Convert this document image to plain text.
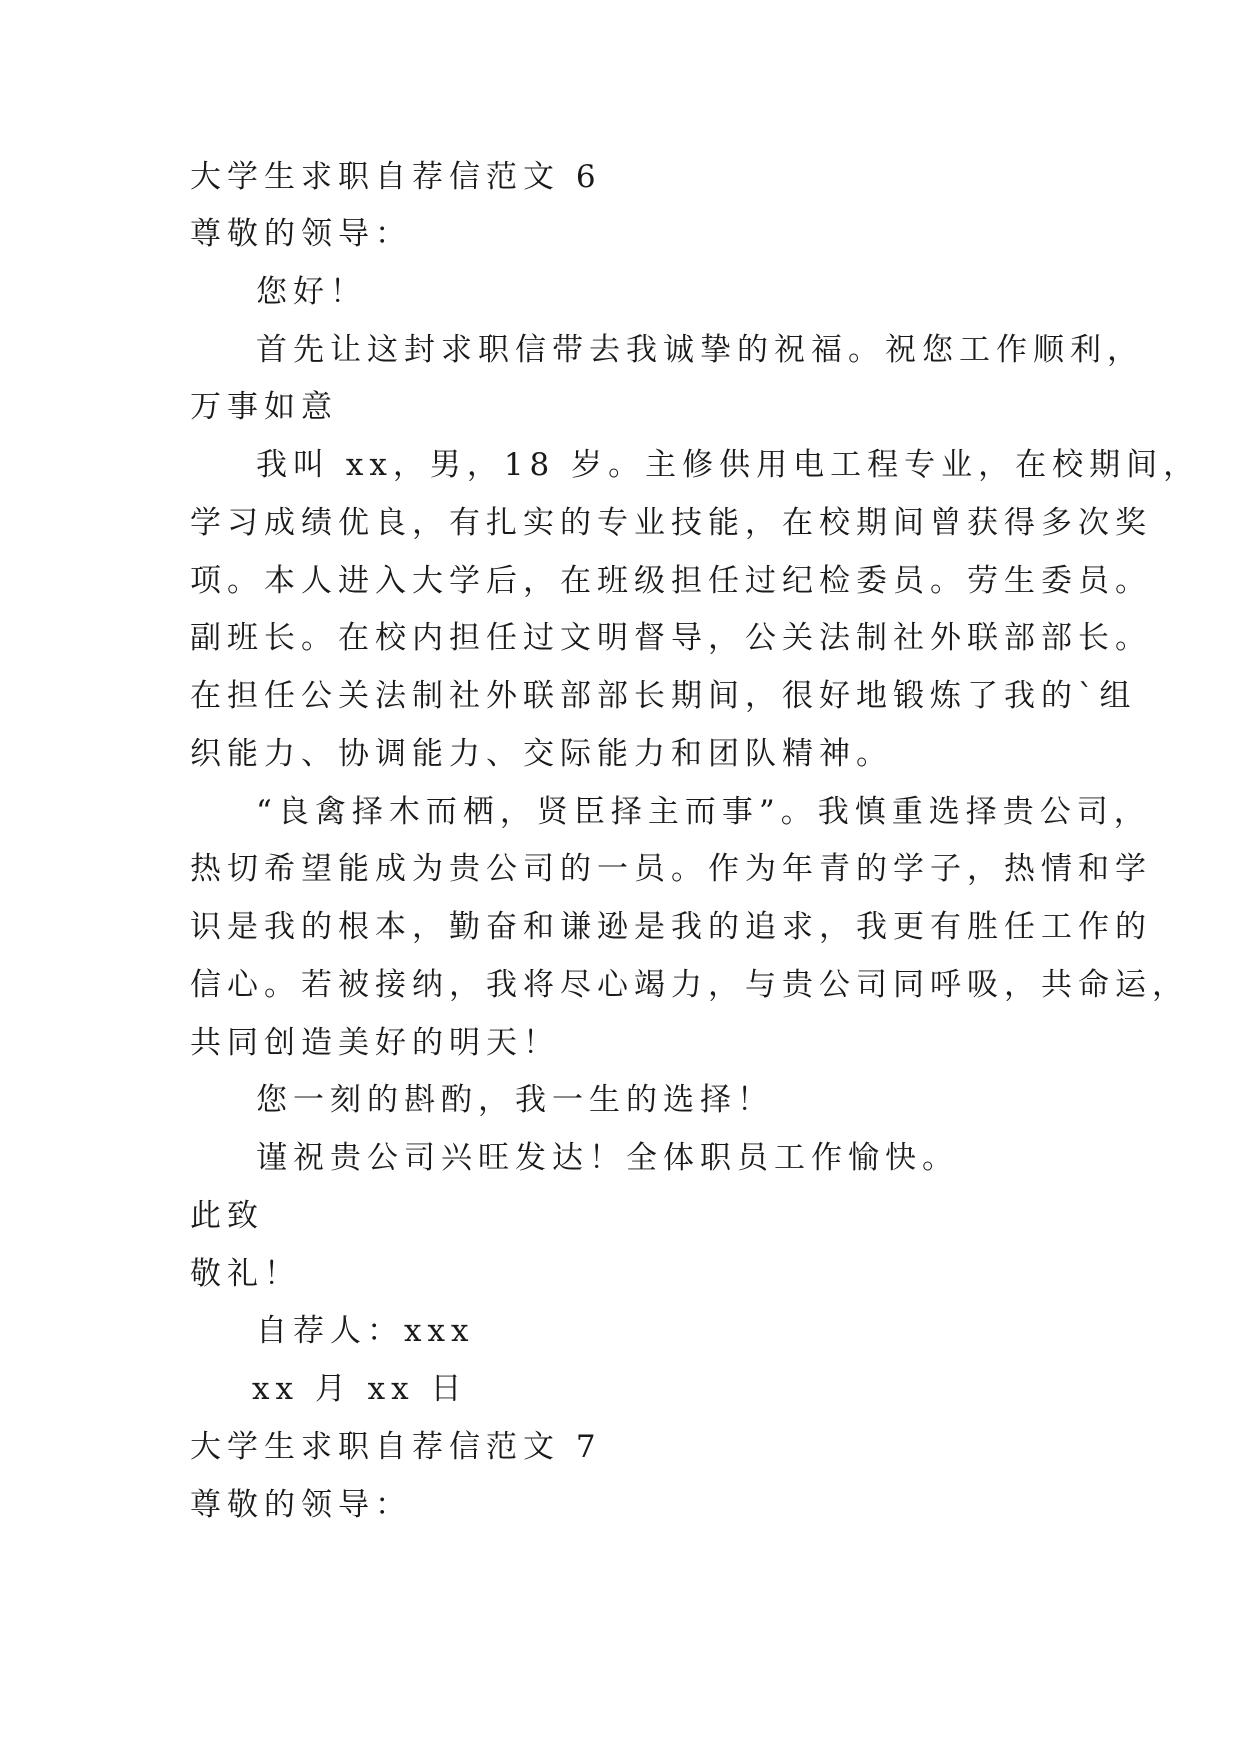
大学生求职自荐信范文 6
尊敬的领导：
您好！
首先让这封求职信带去我诚挚的祝福。祝您工作顺利，
万事如意
我叫 xx，男，18 岁。主修供用电工程专业，在校期间，
学习成绩优良，有扎实的专业技能，在校期间曾获得多次奖
项。本人进入大学后，在班级担任过纪检委员。劳生委员。
副班长。在校内担任过文明督导，公关法制社外联部部长。
在担任公关法制社外联部部长期间，很好地锻炼了我的`组
织能力、协调能力、交际能力和团队精神。
“良禽择木而栖，贤臣择主而事”。我慎重选择贵公司，
热切希望能成为贵公司的一员。作为年青的学子，热情和学
识是我的根本，勤奋和谦逊是我的追求，我更有胜任工作的
信心。若被接纳，我将尽心竭力，与贵公司同呼吸，共命运，
共同创造美好的明天！
您一刻的斟酌，我一生的选择！
谨祝贵公司兴旺发达！全体职员工作愉快。
此致
敬礼！
自荐人：xxx
xx 月 xx 日
大学生求职自荐信范文 7
尊敬的领导：
